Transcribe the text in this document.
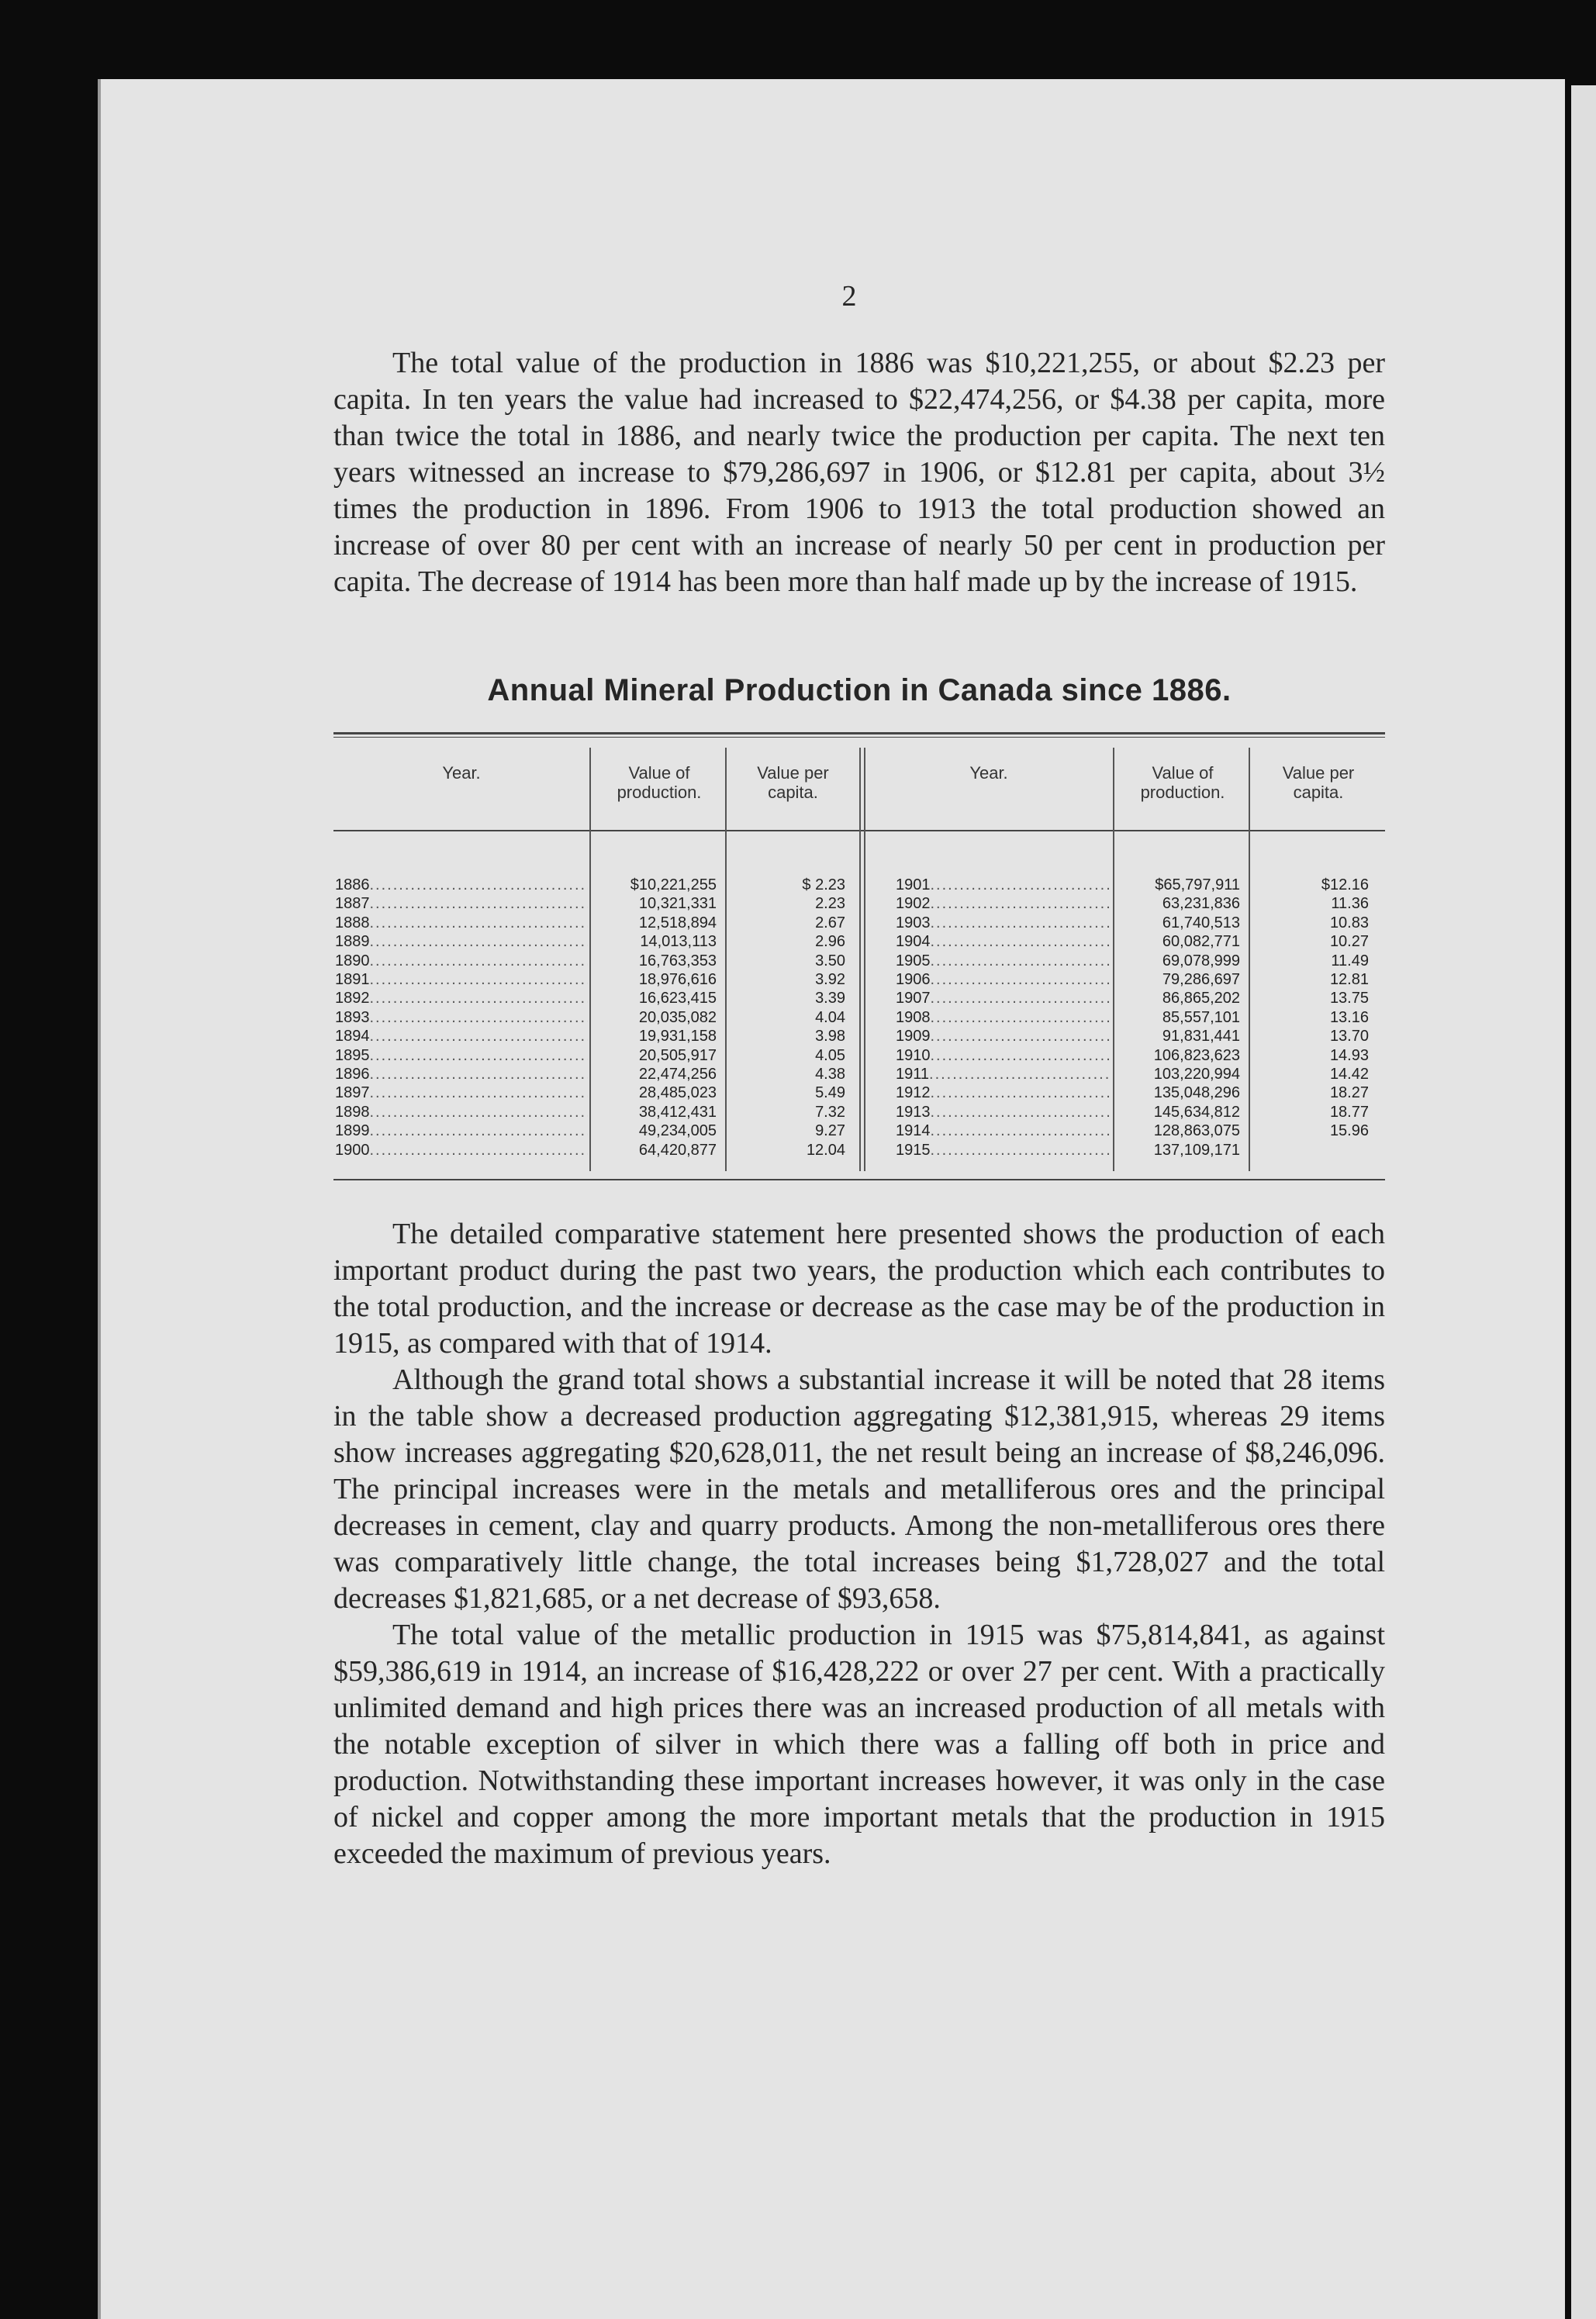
2

The total value of the production in 1886 was $10,221,255, or about $2.23 per capita. In ten years the value had increased to $22,474,256, or $4.38 per capita, more than twice the total in 1886, and nearly twice the production per capita. The next ten years witnessed an increase to $79,286,697 in 1906, or $12.81 per capita, about 3½ times the production in 1896. From 1906 to 1913 the total production showed an increase of over 80 per cent with an increase of nearly 50 per cent in production per capita. The decrease of 1914 has been more than half made up by the increase of 1915.

Annual Mineral Production in Canada since 1886.
Year.	Value of production.
Value per capita.
Year.	Value of production.
Value per capita.
1886
.....
1887
.....
1888
.....
1889
.....
1890
.....
1891
.....
1892
.....
1893
.....
1894
.....
1895
.....
1896
.....
1897
.....
1898
.....
1899
.....
1900
.....
$10,221,255
10,321,331
12,518,894
14,013,113
16,763,353
18,976,616
16,623,415
20,035,082
19,931,158
20,505,917
22,474,256
28,485,023
38,412,431
49,234,005
64,420,877
$ 2.23
2.23
2.67
2.96
3.50
3.92
3.39
4.04
3.98
4.05
4.38
5.49
7.32
9.27
12.04
1901
.....
1902
.....
1903
.....
1904
.....
1905
.....
1906
.....
1907
.....
1908
.....
1909
.....
1910
.....
1911
.....
1912
.....
1913
.....
1914
.....
1915
.....
$65,797,911
63,231,836
61,740,513
60,082,771
69,078,999
79,286,697
86,865,202
85,557,101
91,831,441
106,823,623
103,220,994
135,048,296
145,634,812
128,863,075
137,109,171
$12.16
11.36
10.83
10.27
11.49
12.81
13.75
13.16
13.70
14.93
14.42
18.27
18.77
15.96

The detailed comparative statement here presented shows the production of each important product during the past two years, the production which each contributes to the total production, and the increase or decrease as the case may be of the production in 1915, as compared with that of 1914.

Although the grand total shows a substantial increase it will be noted that 28 items in the table show a decreased production aggregating $12,381,915, whereas 29 items show increases aggregating $20,628,011, the net result being an increase of $8,246,096. The principal increases were in the metals and metalliferous ores and the principal decreases in cement, clay and quarry products. Among the non-metalliferous ores there was comparatively little change, the total increases being $1,728,027 and the total decreases $1,821,685, or a net decrease of $93,658.

The total value of the metallic production in 1915 was $75,814,841, as against $59,386,619 in 1914, an increase of $16,428,222 or over 27 per cent. With a practically unlimited demand and high prices there was an increased production of all metals with the notable exception of silver in which there was a falling off both in price and production. Notwithstanding these important increases however, it was only in the case of nickel and copper among the more important metals that the production in 1915 exceeded the maximum of previous years.
